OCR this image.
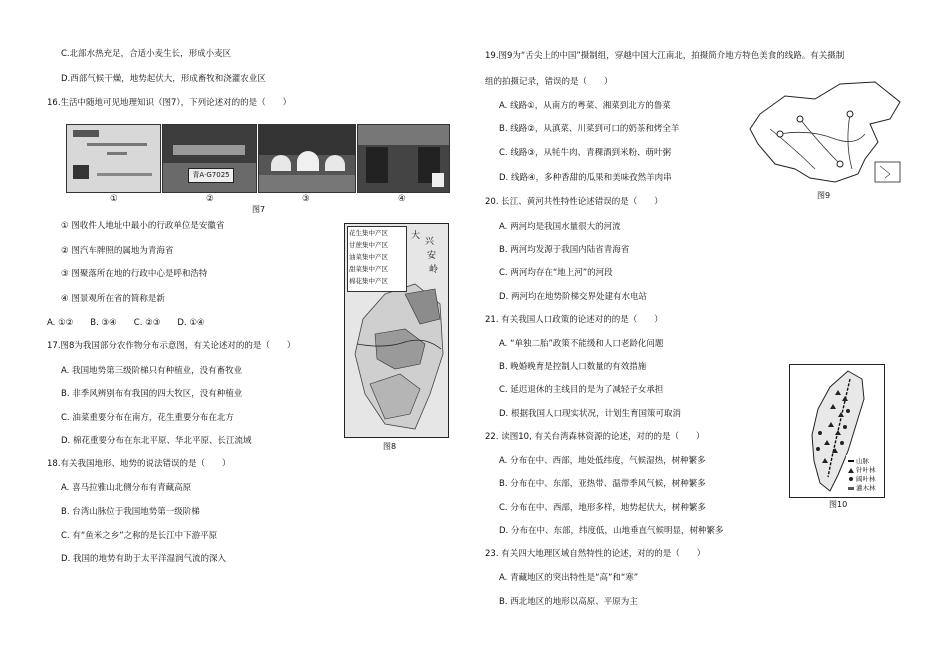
C.北部水热充足，合适小麦生长，形成小麦区
D.西部气候干燥，地势起伏大，形成畜牧和浇灌农业区
16.生活中随地可见地理知识（图7），下列论述对的的是（　　）
青A·G7025
①	②	③	④
图7
① 图收件人地址中最小的行政单位是安徽省
② 图汽车牌照的属地为青海省
③ 图聚落所在地的行政中心是呼和浩特
④ 图景观所在省的简称是新
A. ①②　　B. ③④　　C. ②③　　D. ①④
17.图8为我国部分农作物分布示意图，有关论述对的的是（　　）
A. 我国地势第三级阶梯只有种植业，没有畜牧业
B. 非季风辨别布有我国的四大牧区，没有种植业
C. 油菜重要分布在南方，花生重要分布在北方
D. 棉花重要分布在东北平原、华北平原、长江流域
花生集中产区
甘蔗集中产区
油菜集中产区
甜菜集中产区
棉花集中产区
大
兴
安
岭
图8
18.有关我国地形、地势的说法错误的是（　　）
A. 喜马拉雅山北侧分布有青藏高原
B. 台湾山脉位于我国地势第一级阶梯
C. 有“鱼米之乡”之称的是长江中下游平原
D. 我国的地势有助于太平洋湿润气流的深入
19.图9为“舌尖上的中国”摄制组，穿越中国大江南北，拍摄简介地方特色美食的线路。有关摄制
组的拍摄记录，错误的是（　　）
A. 线路①，从南方的粤菜、湘菜到北方的鲁菜
B. 线路②，从滇菜、川菜到可口的奶茶和烤全羊
C. 线路③，从牦牛肉、青稞酒到米粉、萌叶粥
D. 线路④，多种香甜的瓜果和美味孜然羊肉串
图9
20. 长江、黄河共性特性论述错误的是（　　）
A. 两河均是我国水量很大的河流
B. 两河均发源于我国内陆省青海省
C. 两河均存在“地上河”的河段
D. 两河均在地势阶梯交界处建有水电站
21. 有关我国人口政策的论述对的的是（　　）
A. “单独二胎”政策不能缓和人口老龄化问题
B. 晚婚晚育是控制人口数量的有效措施
C. 延迟退休的主线目的是为了减轻子女承担
D. 根据我国人口现实状况，计划生育国策可取消
山脉
针叶林
阔叶林
灌木林
图10
22. 读图10, 有关台湾森林资源的论述，对的的是（　　）
A. 分布在中、西部，地处低纬度，气候湿热，树种繁多
B. 分布在中、东部，亚热带、温带季风气候，树种繁多
C. 分布在中、西部，地形多样，地势起伏大，树种繁多
D. 分布在中、东部，纬度低，山地垂直气候明显，树种繁多
23. 有关四大地理区域自然特性的论述，对的的是（　　）
A. 青藏地区的突出特性是“高”和“寒”
B. 西北地区的地形以高原、平原为主
